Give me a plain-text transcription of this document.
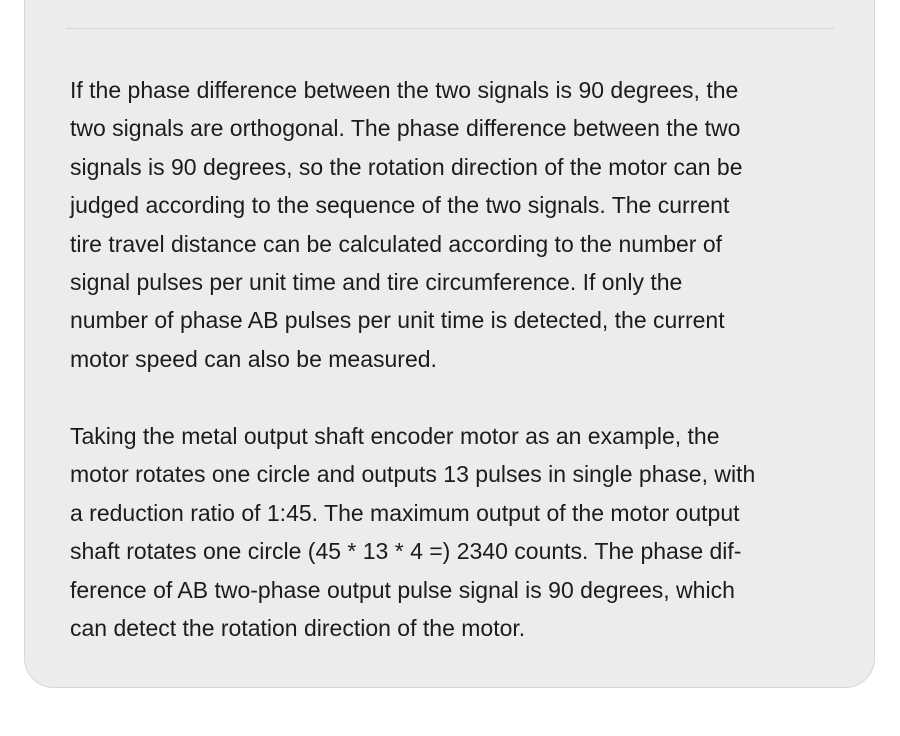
If the phase difference between the two signals is 90 degrees, the
two signals are orthogonal. The phase difference between the two
signals is 90 degrees, so the rotation direction of the motor can be
judged according to the sequence of the two signals. The current
tire travel distance can be calculated according to the number of
signal pulses per unit time and tire circumference. If only the
number of phase AB pulses per unit time is detected, the current
motor speed can also be measured.

Taking the metal output shaft encoder motor as an example, the
motor rotates one circle and outputs 13 pulses in single phase, with
a reduction ratio of 1:45. The maximum output of the motor output
shaft rotates one circle (45 * 13 * 4 =) 2340 counts. The phase dif-
ference of AB two-phase output pulse signal is 90 degrees, which
can detect the rotation direction of the motor.
